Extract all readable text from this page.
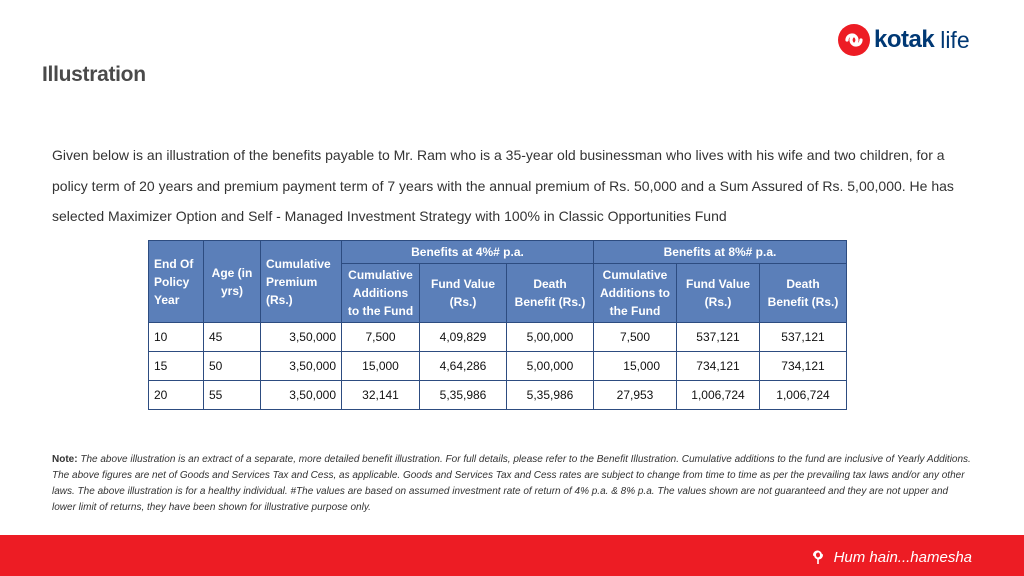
kotak life
Illustration
Given below is an illustration of the benefits payable to Mr. Ram who is a 35-year old businessman who lives with his wife and two children, for a policy term of 20 years and premium payment term of 7 years with the annual premium of Rs. 50,000 and a Sum Assured of Rs. 5,00,000. He has selected Maximizer Option and Self - Managed Investment Strategy with 100% in Classic Opportunities Fund
End Of Policy Year	Age (in yrs)	Cumulative Premium (Rs.)	Benefits at 4%# p.a.			Benefits at 8%# p.a.		
			Cumulative Additions to the Fund	Fund Value (Rs.)	Death Benefit (Rs.)	Cumulative Additions to the Fund	Fund Value (Rs.)	Death Benefit (Rs.)
10	45	3,50,000	7,500	4,09,829	5,00,000	7,500	537,121	537,121
15	50	3,50,000	15,000	4,64,286	5,00,000	15,000	734,121	734,121
20	55	3,50,000	32,141	5,35,986	5,35,986	27,953	1,006,724	1,006,724
Note: The above illustration is an extract of a separate, more detailed benefit illustration. For full details, please refer to the Benefit Illustration. Cumulative additions to the fund are inclusive of Yearly Additions. The above figures are net of Goods and Services Tax and Cess, as applicable. Goods and Services Tax and Cess rates are subject to change from time to time as per the prevailing tax laws and/or any other laws. The above illustration is for a healthy individual. #The values are based on assumed investment rate of return of 4% p.a. & 8% p.a. The values shown are not guaranteed and they are not upper and lower limit of returns, they have been shown for illustrative purpose only.
Hum hain...hamesha
